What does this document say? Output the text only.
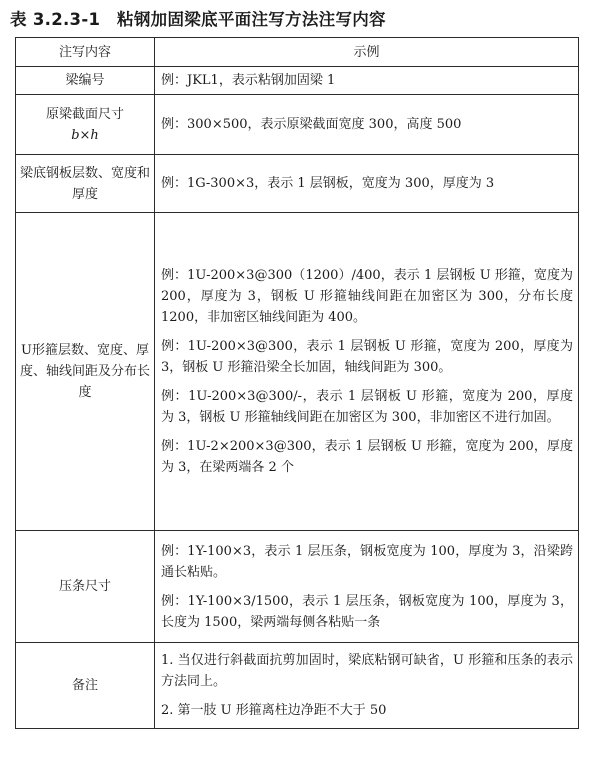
表 3.2.3-1　粘钢加固梁底平面注写方法注写内容
注写内容	示例
梁编号	例：JKL1，表示粘钢加固梁 1

原梁截面尺寸
b×h	例：300×500，表示原梁截面宽度 300，高度 500

梁底钢板层数、宽度和厚度	例：1G-300×3，表示 1 层钢板，宽度为 300，厚度为 3

U形箍层数、宽度、厚度、轴线间距及分布长度	例：1U-200×3@300（1200）/400，表示 1 层钢板 U 形箍，宽度为 200，厚度为 3，钢板 U 形箍轴线间距在加密区为 300，分布长度 1200，非加密区轴线间距为 400。
例：1U-200×3@300，表示 1 层钢板 U 形箍，宽度为 200，厚度为 3，钢板 U 形箍沿梁全长加固，轴线间距为 300。
例：1U-200×3@300/-，表示 1 层钢板 U 形箍，宽度为 200，厚度为 3，钢板 U 形箍轴线间距在加密区为 300，非加密区不进行加固。
例：1U-2×200×3@300，表示 1 层钢板 U 形箍，宽度为 200，厚度为 3，在梁两端各 2 个

压条尺寸	例：1Y-100×3，表示 1 层压条，钢板宽度为 100，厚度为 3，沿梁跨通长粘贴。
例：1Y-100×3/1500，表示 1 层压条，钢板宽度为 100，厚度为 3，长度为 1500，梁两端每侧各粘贴一条

备注	1. 当仅进行斜截面抗剪加固时，梁底粘钢可缺省，U 形箍和压条的表示方法同上。
2. 第一肢 U 形箍离柱边净距不大于 50
